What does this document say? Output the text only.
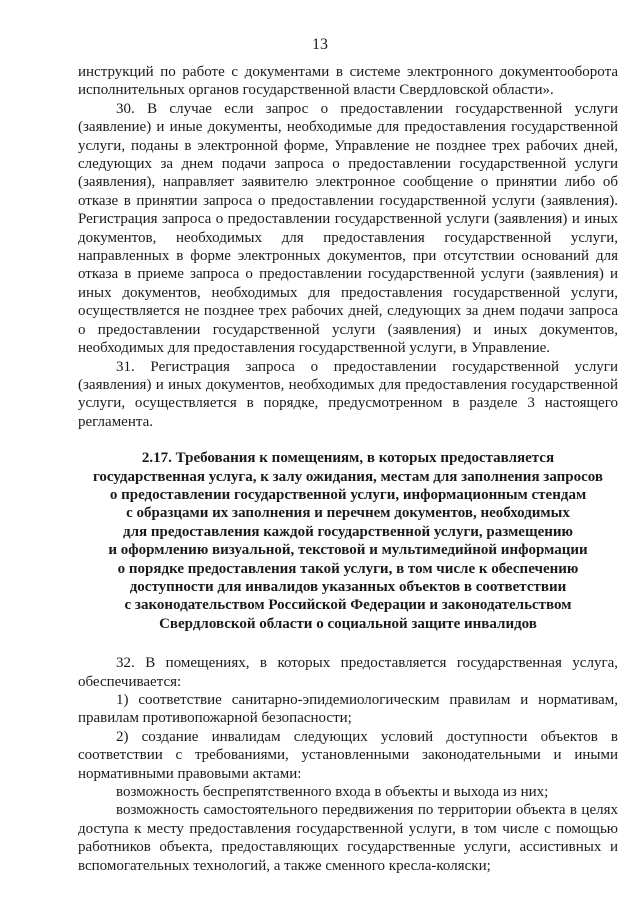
13

инструкций по работе с документами в системе электронного документооборота исполнительных органов государственной власти Свердловской области».

30. В случае если запрос о предоставлении государственной услуги (заявление) и иные документы, необходимые для предоставления государственной услуги, поданы в электронной форме, Управление не позднее трех рабочих дней, следующих за днем подачи запроса о предоставлении государственной услуги (заявления), направляет заявителю электронное сообщение о принятии либо об отказе в принятии запроса о предоставлении государственной услуги (заявления). Регистрация запроса о предоставлении государственной услуги (заявления) и иных документов, необходимых для предоставления государственной услуги, направленных в форме электронных документов, при отсутствии оснований для отказа в приеме запроса о предоставлении государственной услуги (заявления) и иных документов, необходимых для предоставления государственной услуги, осуществляется не позднее трех рабочих дней, следующих за днем подачи запроса о предоставлении государственной услуги (заявления) и иных документов, необходимых для предоставления государственной услуги, в Управление.

31. Регистрация запроса о предоставлении государственной услуги (заявления) и иных документов, необходимых для предоставления государственной услуги, осуществляется в порядке, предусмотренном в разделе 3 настоящего регламента.

2.17. Требования к помещениям, в которых предоставляется
государственная услуга, к залу ожидания, местам для заполнения запросов
о предоставлении государственной услуги, информационным стендам
с образцами их заполнения и перечнем документов, необходимых
для предоставления каждой государственной услуги, размещению
и оформлению визуальной, текстовой и мультимедийной информации
о порядке предоставления такой услуги, в том числе к обеспечению
доступности для инвалидов указанных объектов в соответствии
с законодательством Российской Федерации и законодательством
Свердловской области о социальной защите инвалидов

32. В помещениях, в которых предоставляется государственная услуга, обеспечивается:

1) соответствие санитарно-эпидемиологическим правилам и нормативам, правилам противопожарной безопасности;

2) создание инвалидам следующих условий доступности объектов в соответствии с требованиями, установленными законодательными и иными нормативными правовыми актами:

возможность беспрепятственного входа в объекты и выхода из них;

возможность самостоятельного передвижения по территории объекта в целях доступа к месту предоставления государственной услуги, в том числе с помощью работников объекта, предоставляющих государственные услуги, ассистивных и вспомогательных технологий, а также сменного кресла-коляски;
